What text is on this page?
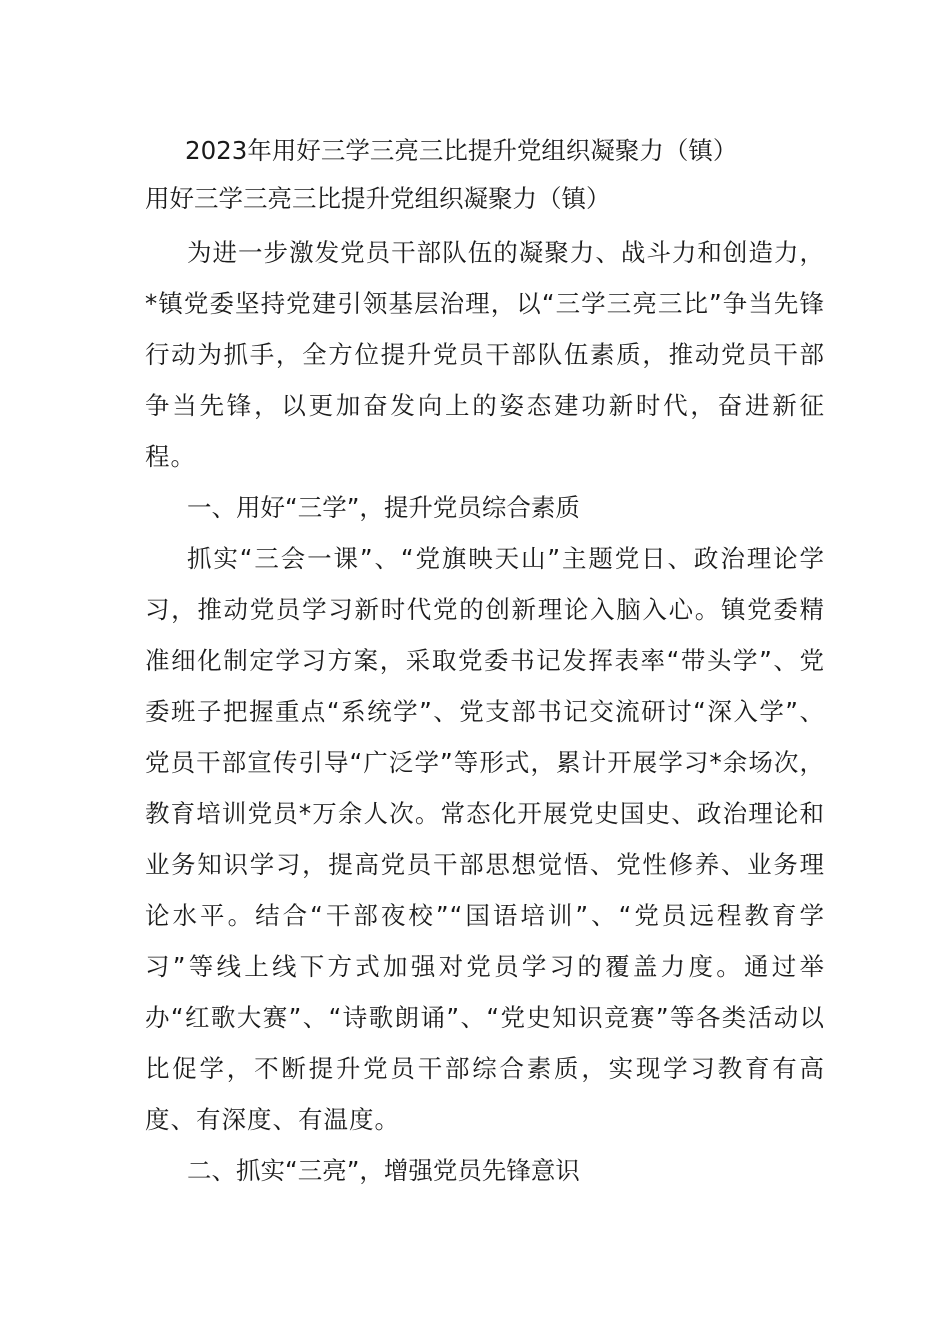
2023年用好三学三亮三比提升党组织凝聚力（镇）
用好三学三亮三比提升党组织凝聚力（镇）

为进一步激发党员干部队伍的凝聚力、战斗力和创造力，*镇党委坚持党建引领基层治理，以“三学三亮三比”争当先锋行动为抓手，全方位提升党员干部队伍素质，推动党员干部争当先锋，以更加奋发向上的姿态建功新时代，奋进新征程。

一、用好“三学”，提升党员综合素质

抓实“三会一课”、“党旗映天山”主题党日、政治理论学习，推动党员学习新时代党的创新理论入脑入心。镇党委精准细化制定学习方案，采取党委书记发挥表率“带头学”、党委班子把握重点“系统学”、党支部书记交流研讨“深入学”、党员干部宣传引导“广泛学”等形式，累计开展学习*余场次，教育培训党员*万余人次。常态化开展党史国史、政治理论和业务知识学习，提高党员干部思想觉悟、党性修养、业务理论水平。结合“干部夜校”“国语培训”、“党员远程教育学习”等线上线下方式加强对党员学习的覆盖力度。通过举办“红歌大赛”、“诗歌朗诵”、“党史知识竞赛”等各类活动以比促学，不断提升党员干部综合素质，实现学习教育有高度、有深度、有温度。

二、抓实“三亮”，增强党员先锋意识
